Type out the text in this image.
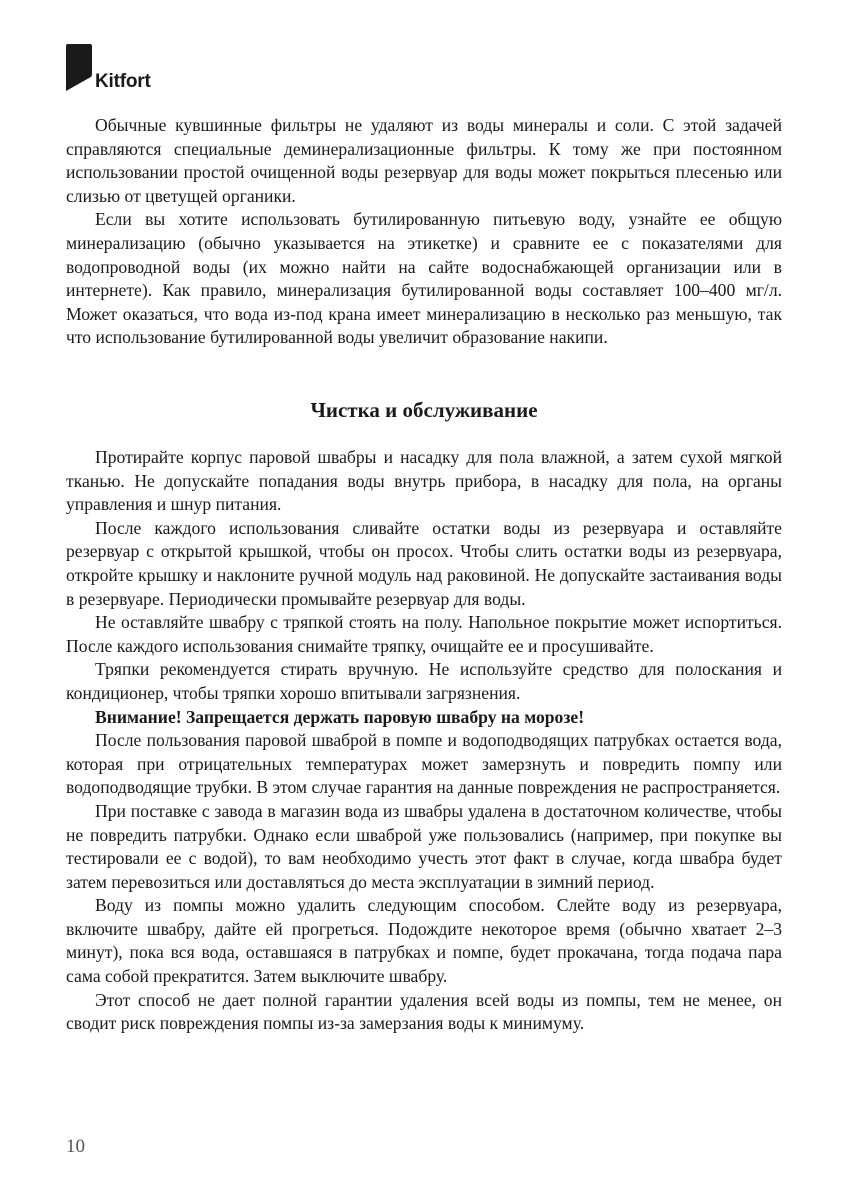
Kitfort

Обычные кувшинные фильтры не удаляют из воды минералы и соли. С этой задачей справляются специальные деминерализационные фильтры. К тому же при постоянном использовании простой очищенной воды резервуар для воды может покрыться плесенью или слизью от цветущей органики.

Если вы хотите использовать бутилированную питьевую воду, узнайте ее общую минерализацию (обычно указывается на этикетке) и сравните ее с показателями для водопроводной воды (их можно найти на сайте водоснабжающей организации или в интернете). Как правило, минерализация бутилированной воды составляет 100–400 мг/л. Может оказаться, что вода из-под крана имеет минерализацию в несколько раз меньшую, так что использование бутилированной воды увеличит образование накипи.

Чистка и обслуживание

Протирайте корпус паровой швабры и насадку для пола влажной, а затем сухой мягкой тканью. Не допускайте попадания воды внутрь прибора, в насадку для пола, на органы управления и шнур питания.

После каждого использования сливайте остатки воды из резервуара и оставляйте резервуар с открытой крышкой, чтобы он просох. Чтобы слить остатки воды из резервуара, откройте крышку и наклоните ручной модуль над раковиной. Не допускайте застаивания воды в резервуаре. Периодически промывайте резервуар для воды.

Не оставляйте швабру с тряпкой стоять на полу. Напольное покрытие может испортиться. После каждого использования снимайте тряпку, очищайте ее и просушивайте.

Тряпки рекомендуется стирать вручную. Не используйте средство для полоскания и кондиционер, чтобы тряпки хорошо впитывали загрязнения.

Внимание! Запрещается держать паровую швабру на морозе!

После пользования паровой шваброй в помпе и водоподводящих патрубках остается вода, которая при отрицательных температурах может замерзнуть и повредить помпу или водоподводящие трубки. В этом случае гарантия на данные повреждения не распространяется.

При поставке с завода в магазин вода из швабры удалена в достаточном количестве, чтобы не повредить патрубки. Однако если шваброй уже пользовались (например, при покупке вы тестировали ее с водой), то вам необходимо учесть этот факт в случае, когда швабра будет затем перевозиться или доставляться до места эксплуатации в зимний период.

Воду из помпы можно удалить следующим способом. Слейте воду из резервуара, включите швабру, дайте ей прогреться. Подождите некоторое время (обычно хватает 2–3 минут), пока вся вода, оставшаяся в патрубках и помпе, будет прокачана, тогда подача пара сама собой прекратится. Затем выключите швабру.

Этот способ не дает полной гарантии удаления всей воды из помпы, тем не менее, он сводит риск повреждения помпы из-за замерзания воды к минимуму.

10
